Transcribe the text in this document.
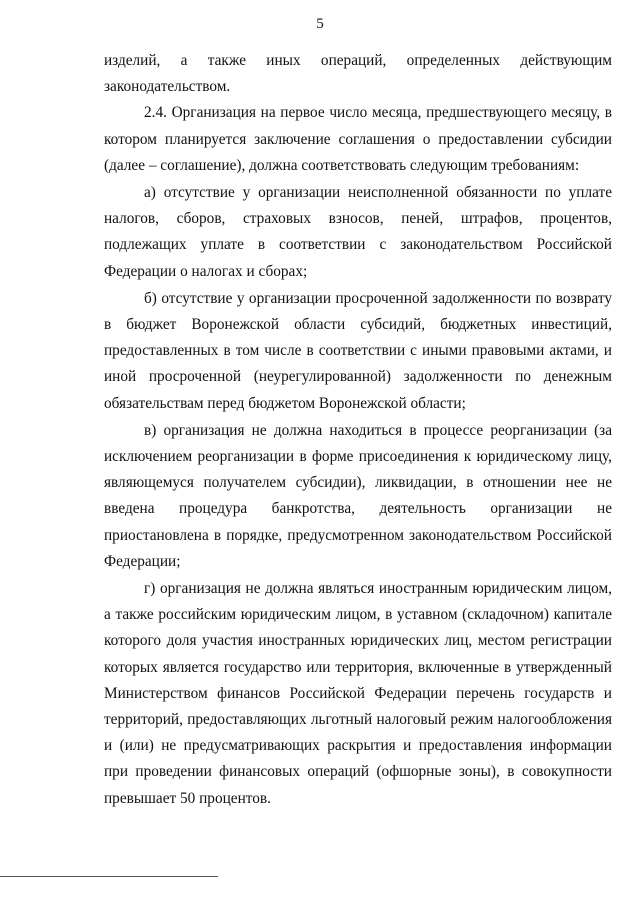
5

изделий, а также иных операций, определенных действующим законодательством.

2.4. Организация на первое число месяца, предшествующего месяцу, в котором планируется заключение соглашения о предоставлении субсидии (далее – соглашение), должна соответствовать следующим требованиям:

а) отсутствие у организации неисполненной обязанности по уплате налогов, сборов, страховых взносов, пеней, штрафов, процентов, подлежащих уплате в соответствии с законодательством Российской Федерации о налогах и сборах;

б) отсутствие у организации просроченной задолженности по возврату в бюджет Воронежской области субсидий, бюджетных инвестиций, предоставленных в том числе в соответствии с иными правовыми актами, и иной просроченной (неурегулированной) задолженности по денежным обязательствам перед бюджетом Воронежской области;

в) организация не должна находиться в процессе реорганизации (за исключением реорганизации в форме присоединения к юридическому лицу, являющемуся получателем субсидии), ликвидации, в отношении нее не введена процедура банкротства, деятельность организации не приостановлена в порядке, предусмотренном законодательством Российской Федерации;

г) организация не должна являться иностранным юридическим лицом, а также российским юридическим лицом, в уставном (складочном) капитале которого доля участия иностранных юридических лиц, местом регистрации которых является государство или территория, включенные в утвержденный Министерством финансов Российской Федерации перечень государств и территорий, предоставляющих льготный налоговый режим налогообложения и (или) не предусматривающих раскрытия и предоставления информации при проведении финансовых операций (офшорные зоны), в совокупности превышает 50 процентов.
